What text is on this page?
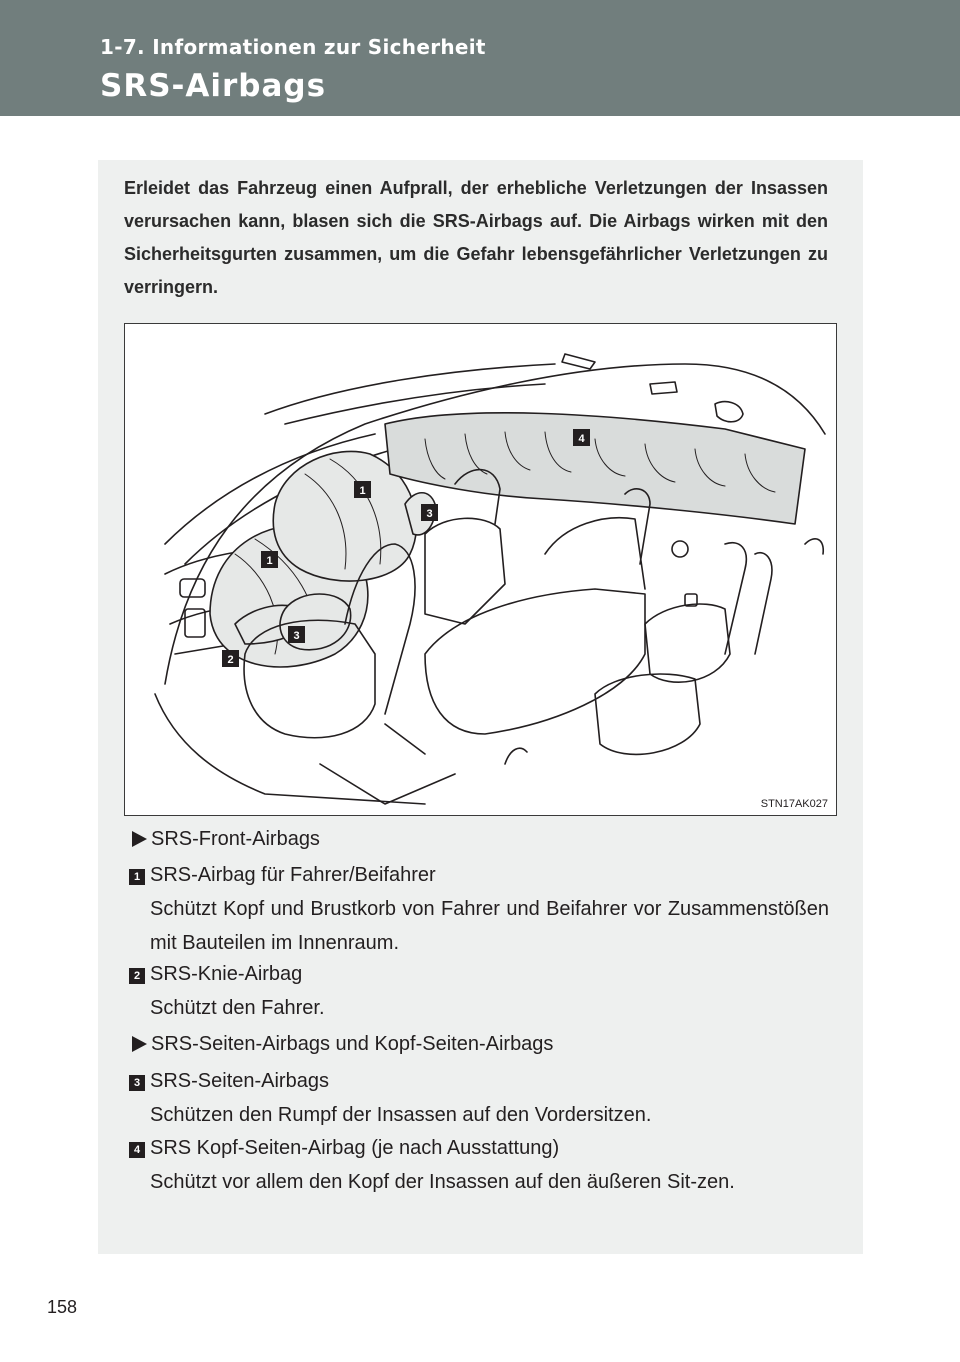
1-7. Informationen zur Sicherheit
SRS-Airbags

Erleidet das Fahrzeug einen Aufprall, der erhebliche Verletzungen der Insassen verursachen kann, blasen sich die SRS-Airbags auf. Die Airbags wirken mit den Sicherheitsgurten zusammen, um die Gefahr lebensgefährlicher Verletzungen zu verringern.

1
1
2
3
3
4
STN17AK027
SRS-Front-Airbags
1 SRS-Airbag für Fahrer/Beifahrer
Schützt Kopf und Brustkorb von Fahrer und Beifahrer vor Zusammenstößen mit Bauteilen im Innenraum.
2 SRS-Knie-Airbag
Schützt den Fahrer.
SRS-Seiten-Airbags und Kopf-Seiten-Airbags
3 SRS-Seiten-Airbags
Schützen den Rumpf der Insassen auf den Vordersitzen.
4 SRS Kopf-Seiten-Airbag (je nach Ausstattung)
Schützt vor allem den Kopf der Insassen auf den äußeren Sit-zen.
158
